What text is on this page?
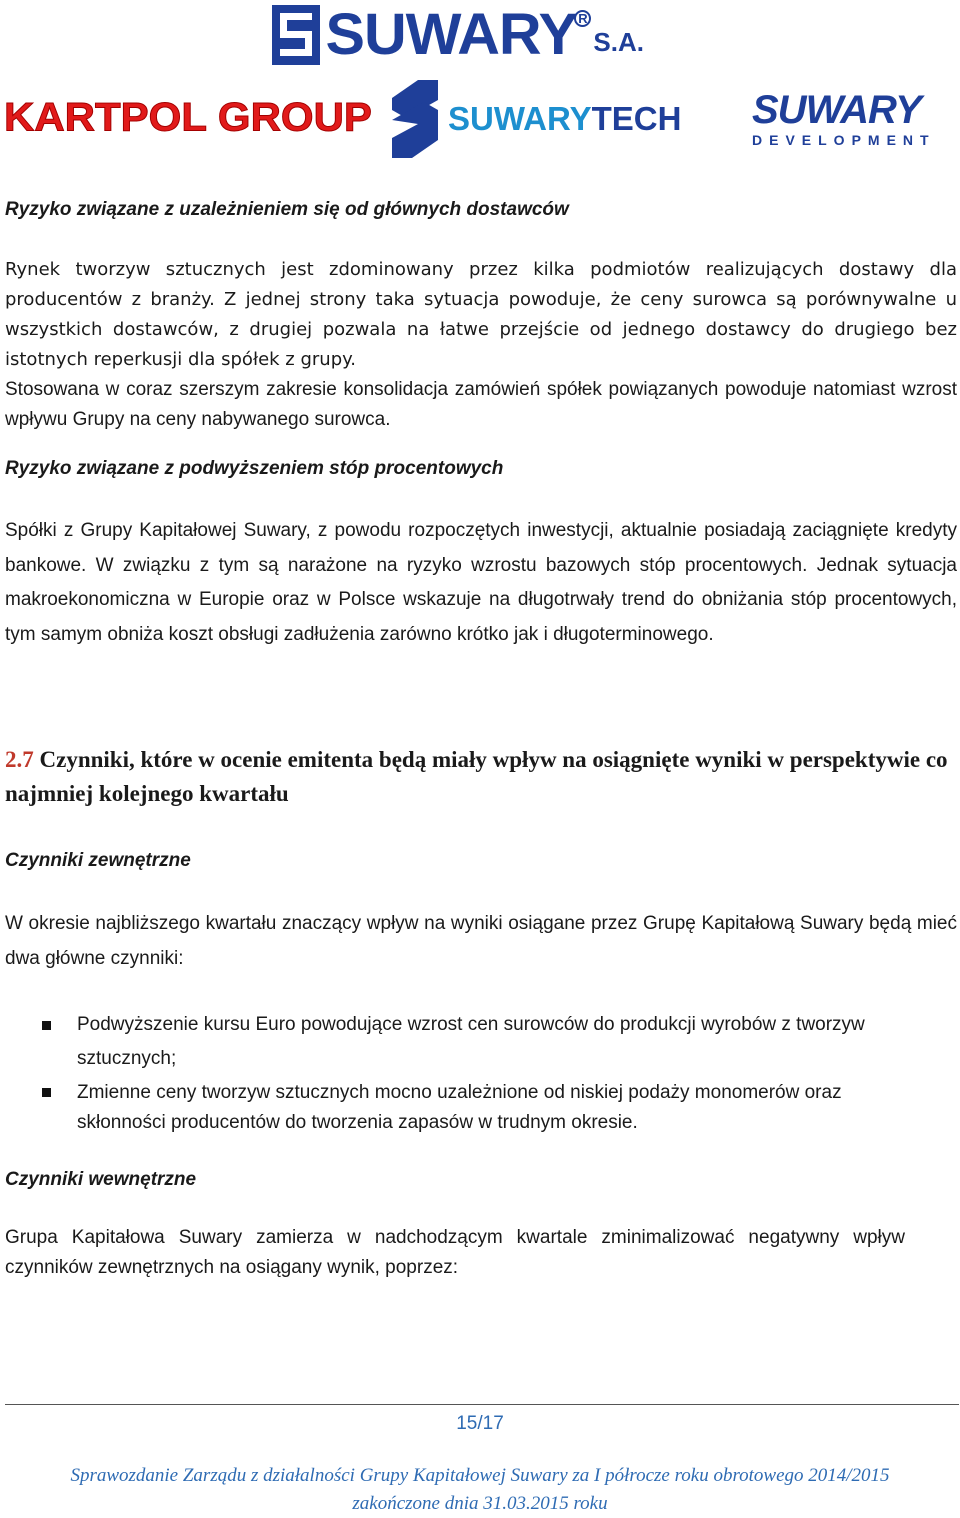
SUWARY R
S.A.
KARTPOL GROUP SUWARYTECH SUWARY
DEVELOPMENT
Ryzyko związane z uzależnieniem się od głównych dostawców
Rynek tworzyw sztucznych jest zdominowany przez kilka podmiotów realizujących dostawy dla producentów z branży. Z jednej strony taka sytuacja powoduje, że ceny surowca są porównywalne u wszystkich dostawców, z drugiej pozwala na łatwe przejście od jednego dostawcy do drugiego bez istotnych reperkusji dla spółek z grupy.
Stosowana w coraz szerszym zakresie konsolidacja zamówień spółek powiązanych powoduje natomiast wzrost wpływu Grupy na ceny nabywanego surowca.
Ryzyko związane z podwyższeniem stóp procentowych
Spółki z Grupy Kapitałowej Suwary, z powodu rozpoczętych inwestycji, aktualnie posiadają zaciągnięte kredyty bankowe. W związku z tym są narażone na ryzyko wzrostu bazowych stóp procentowych. Jednak sytuacja makroekonomiczna w Europie oraz w Polsce wskazuje na długotrwały trend do obniżania stóp procentowych, tym samym obniża koszt obsługi zadłużenia zarówno krótko jak i długoterminowego.
2.7 Czynniki, które w ocenie emitenta będą miały wpływ na osiągnięte wyniki w perspektywie co najmniej kolejnego kwartału
Czynniki zewnętrzne
W okresie najbliższego kwartału znaczący wpływ na wyniki osiągane przez Grupę Kapitałową Suwary będą mieć dwa główne czynniki:
Podwyższenie kursu Euro powodujące wzrost cen surowców do produkcji wyrobów z tworzyw sztucznych;
Zmienne ceny tworzyw sztucznych mocno uzależnione od niskiej podaży monomerów oraz skłonności producentów do tworzenia zapasów w trudnym okresie.
Czynniki wewnętrzne
Grupa Kapitałowa Suwary zamierza w nadchodzącym kwartale zminimalizować negatywny wpływ czynników zewnętrznych na osiągany wynik, poprzez:
15/17
Sprawozdanie Zarządu z działalności Grupy Kapitałowej Suwary za I półrocze roku obrotowego 2014/2015
zakończone dnia 31.03.2015 roku
